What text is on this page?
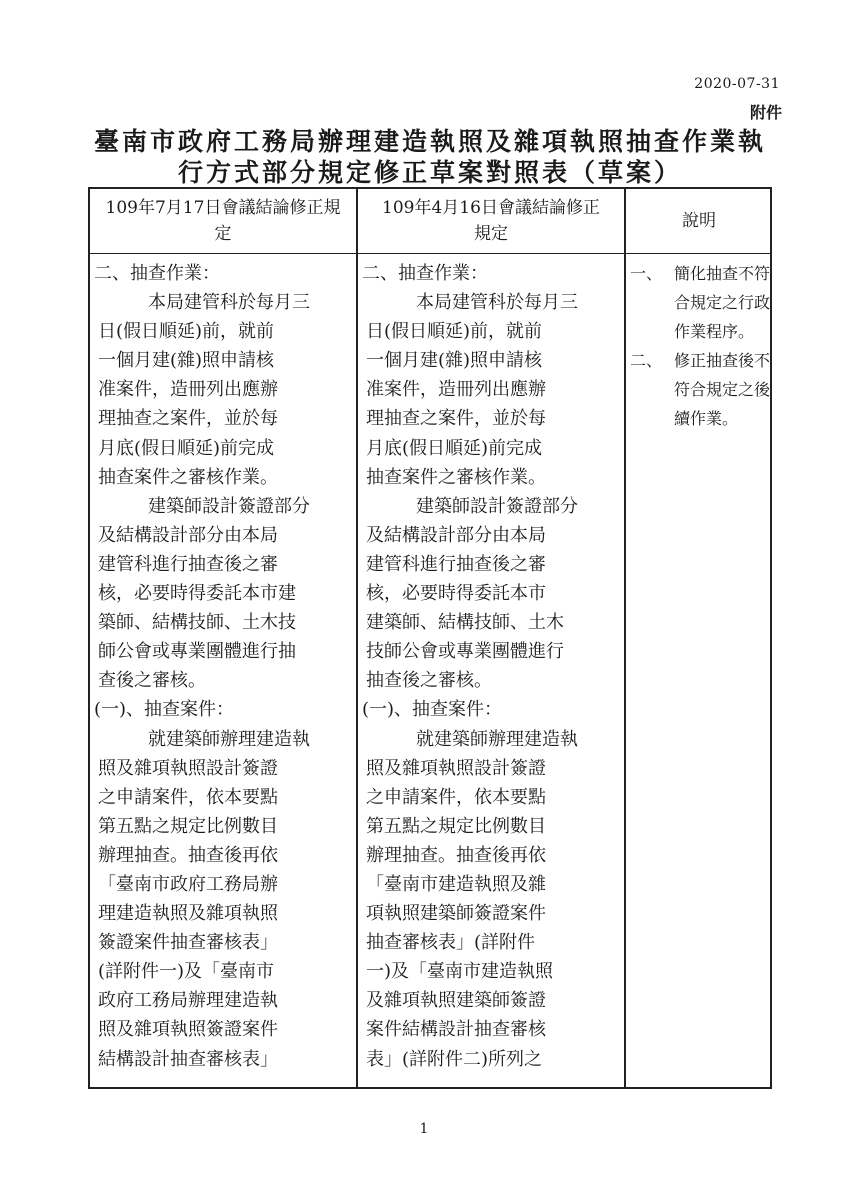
2020-07-31
附件
臺南市政府工務局辦理建造執照及雜項執照抽查作業執
行方式部分規定修正草案對照表（草案）
109年7月17日會議結論修正規
定
109年4月16日會議結論修正
規定
說明

二、抽查作業：

本局建管科於每月三

日(假日順延)前，就前

一個月建(雜)照申請核

准案件，造冊列出應辦

理抽查之案件，並於每

月底(假日順延)前完成

抽查案件之審核作業。

建築師設計簽證部分

及結構設計部分由本局

建管科進行抽查後之審

核，必要時得委託本市建

築師、結構技師、土木技

師公會或專業團體進行抽

查後之審核。

(一)、抽查案件：

就建築師辦理建造執

照及雜項執照設計簽證

之申請案件，依本要點

第五點之規定比例數目

辦理抽查。抽查後再依

「臺南市政府工務局辦

理建造執照及雜項執照

簽證案件抽查審核表」

(詳附件一)及「臺南市

政府工務局辦理建造執

照及雜項執照簽證案件

結構設計抽查審核表」

二、抽查作業：

本局建管科於每月三

日(假日順延)前，就前

一個月建(雜)照申請核

准案件，造冊列出應辦

理抽查之案件，並於每

月底(假日順延)前完成

抽查案件之審核作業。

建築師設計簽證部分

及結構設計部分由本局

建管科進行抽查後之審

核，必要時得委託本市

建築師、結構技師、土木

技師公會或專業團體進行

抽查後之審核。

(一)、抽查案件：

就建築師辦理建造執

照及雜項執照設計簽證

之申請案件，依本要點

第五點之規定比例數目

辦理抽查。抽查後再依

「臺南市建造執照及雜

項執照建築師簽證案件

抽查審核表」(詳附件

一)及「臺南市建造執照

及雜項執照建築師簽證

案件結構設計抽查審核

表」(詳附件二)所列之

一、 簡化抽查不符合規定之行政作業程序。
二、 修正抽查後不符合規定之後續作業。
1
